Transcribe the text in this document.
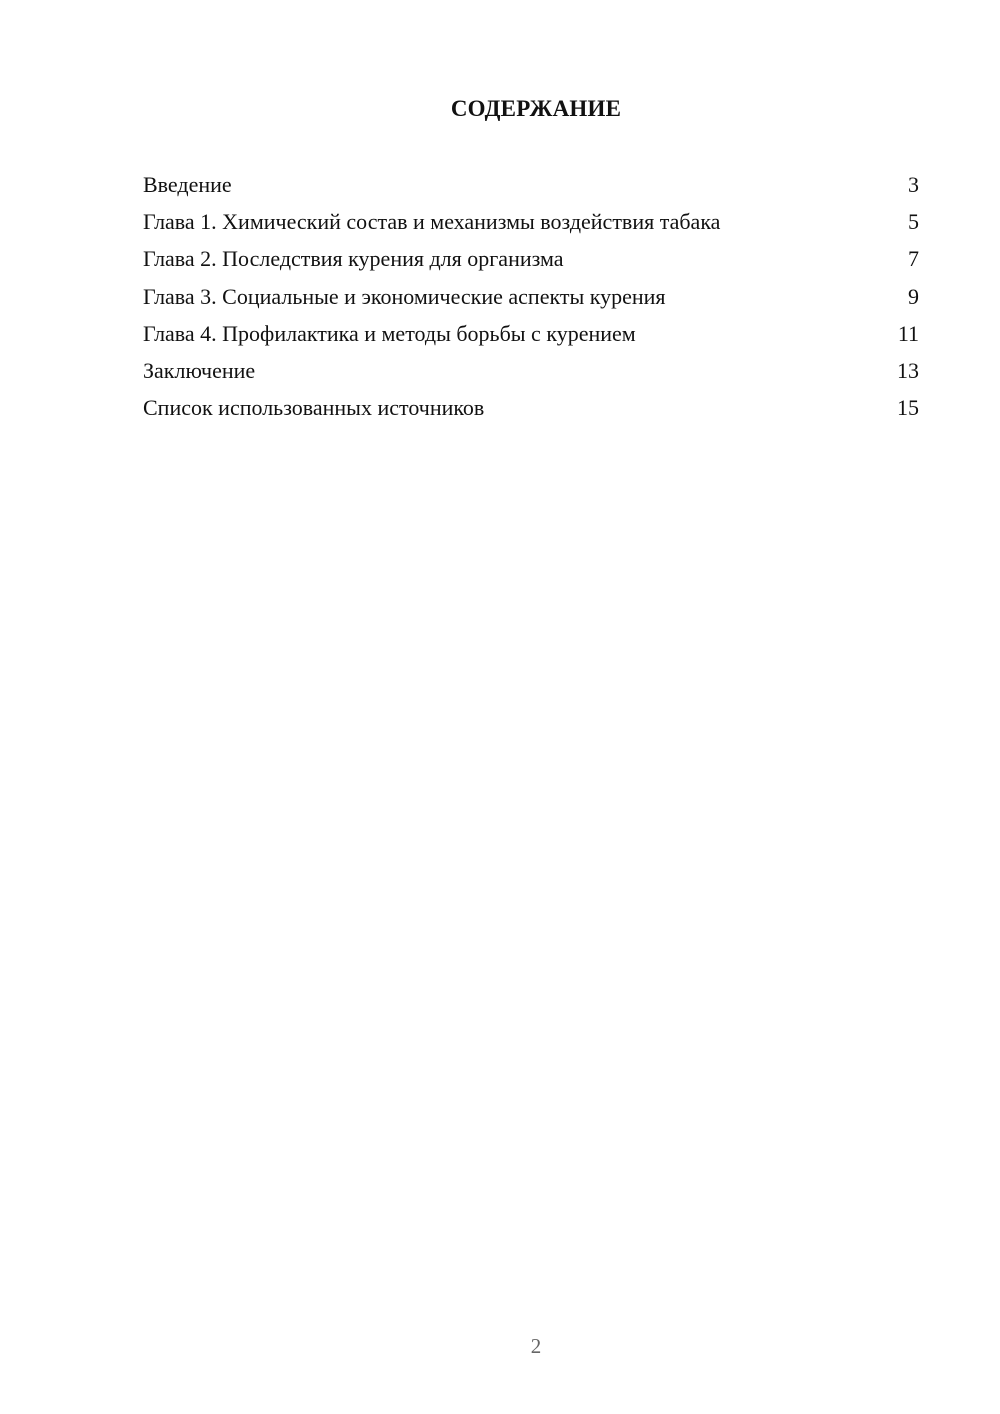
СОДЕРЖАНИЕ
Введение	3
Глава 1. Химический состав и механизмы воздействия табака	5
Глава 2. Последствия курения для организма	7
Глава 3. Социальные и экономические аспекты курения	9
Глава 4. Профилактика и методы борьбы с курением	11
Заключение	13
Список использованных источников	15
2
